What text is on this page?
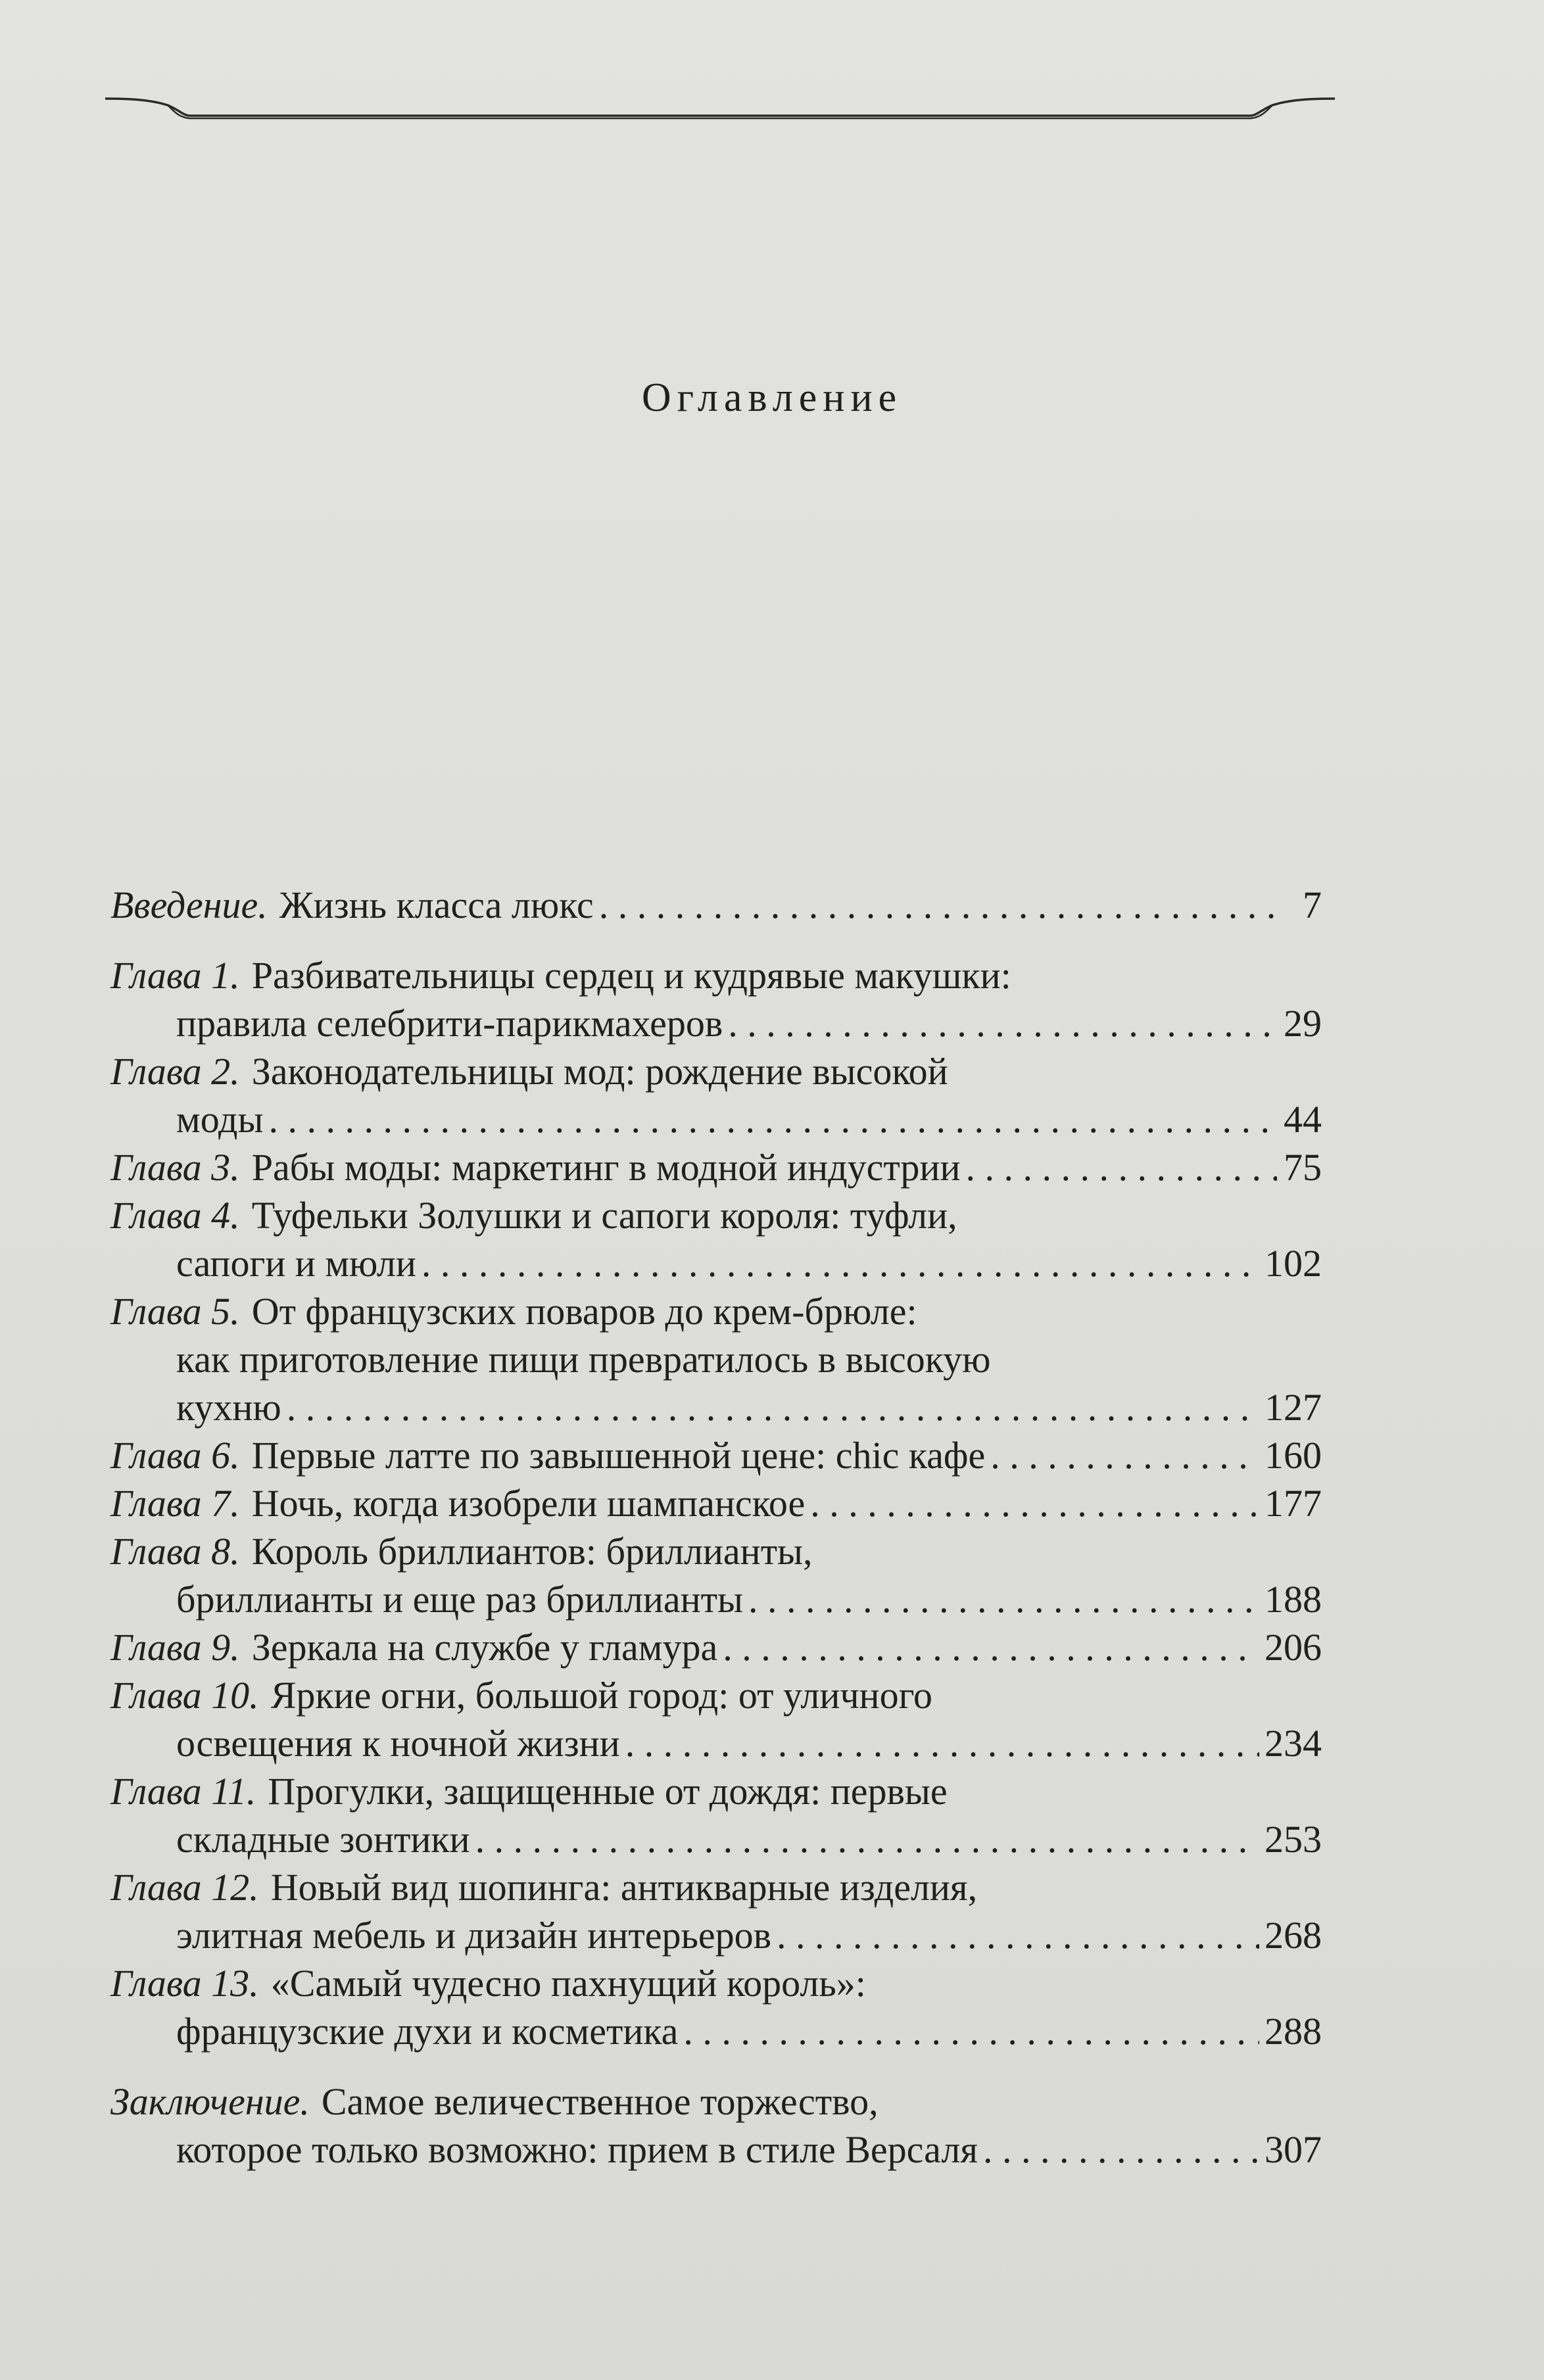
Оглавление
Введение. Жизнь класса люкс . . .	7
Глава 1. Разбивательницы сердец и кудрявые макушки:
правила селебрити-парикмахеров . . .	29
Глава 2. Законодательницы мод: рождение высокой
моды . . .	44
Глава 3. Рабы моды: маркетинг в модной индустрии . . .	75
Глава 4. Туфельки Золушки и сапоги короля: туфли,
сапоги и мюли . . .	102
Глава 5. От французских поваров до крем-брюле:
как приготовление пищи превратилось в высокую
кухню . . .	127
Глава 6. Первые латте по завышенной цене: chic кафе . . .	160
Глава 7. Ночь, когда изобрели шампанское . . .	177
Глава 8. Король бриллиантов: бриллианты,
бриллианты и еще раз бриллианты . . .	188
Глава 9. Зеркала на службе у гламура . . .	206
Глава 10. Яркие огни, большой город: от уличного
освещения к ночной жизни . . .	234
Глава 11. Прогулки, защищенные от дождя: первые
складные зонтики . . .	253
Глава 12. Новый вид шопинга: антикварные изделия,
элитная мебель и дизайн интерьеров . . .	268
Глава 13. «Самый чудесно пахнущий король»:
французские духи и косметика . . .	288
Заключение. Самое величественное торжество,
которое только возможно: прием в стиле Версаля . . .	307
